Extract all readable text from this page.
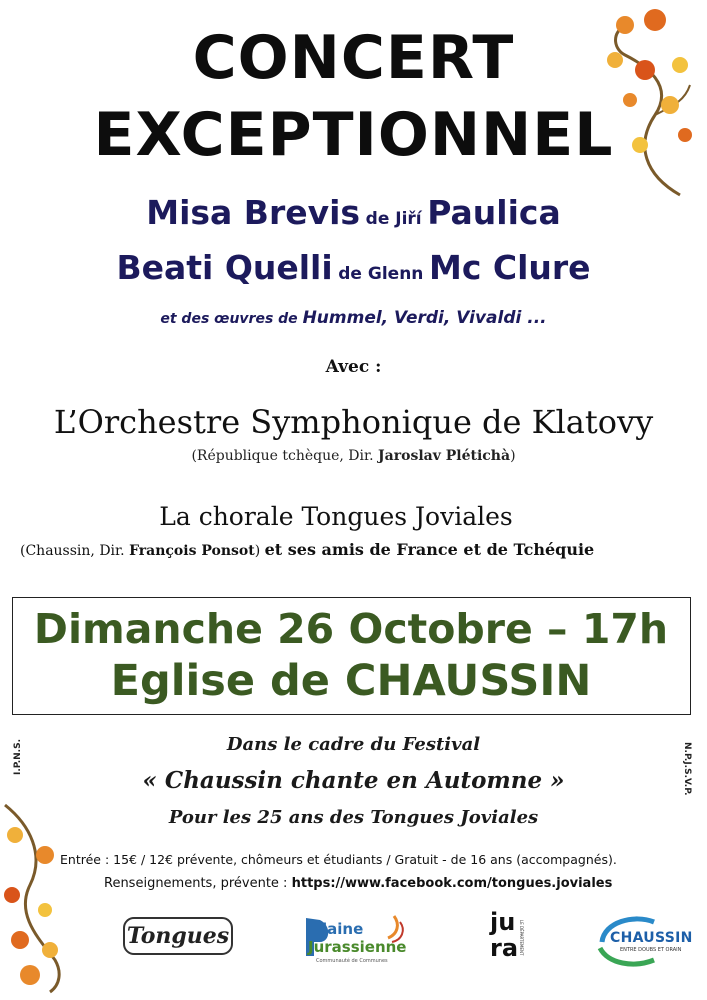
CONCERT
EXCEPTIONNEL
Misa Brevis de Jiří Paulica
Beati Quelli de Glenn Mc Clure
et des œuvres de Hummel, Verdi, Vivaldi ...
Avec :
L’Orchestre Symphonique de Klatovy
(République tchèque, Dir. Jaroslav Plétichà)
La chorale Tongues Joviales
(Chaussin, Dir. François Ponsot) et ses amis de France et de Tchéquie
Dimanche 26 Octobre – 17h
Eglise de CHAUSSIN
I.P.N.S.	N.P.J.S.V.P.
Dans le cadre du Festival
« Chaussin chante en Automne »
Pour les 25 ans des Tongues Joviales
Entrée : 15€ / 12€ prévente, chômeurs et étudiants / Gratuit - de 16 ans (accompagnés).
Renseignements, prévente : https://www.facebook.com/tongues.joviales
Tongues	laine
Jurassienne
Communauté de Communes
ju
ra LE DÉPARTEMENT	CHAUSSIN
ENTRE DOUBS ET ORAIN
